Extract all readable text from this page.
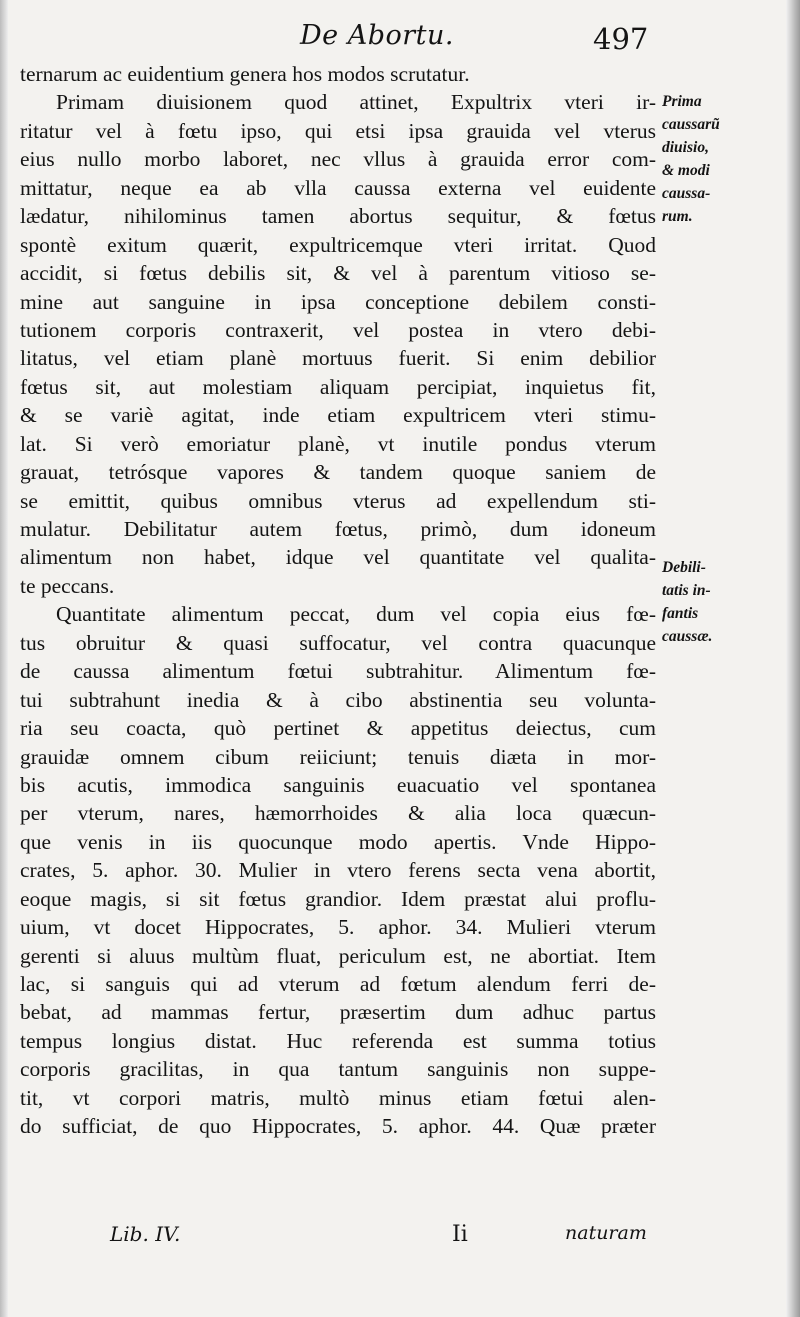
De Abortu.	497
ternarum ac euidentium genera hos modos scrutatur.
Primam diuisionem quod attinet, Expultrix vteri ir-
ritatur vel à fœtu ipso, qui etsi ipsa grauida vel vterus
eius nullo morbo laboret, nec vllus à grauida error com-
mittatur, neque ea ab vlla caussa externa vel euidente
lædatur, nihilominus tamen abortus sequitur, & fœtus
spontè exitum quærit, expultricemque vteri irritat. Quod
accidit, si fœtus debilis sit, & vel à parentum vitioso se-
mine aut sanguine in ipsa conceptione debilem consti-
tutionem corporis contraxerit, vel postea in vtero debi-
litatus, vel etiam planè mortuus fuerit. Si enim debilior
fœtus sit, aut molestiam aliquam percipiat, inquietus fit,
& se variè agitat, inde etiam expultricem vteri stimu-
lat. Si verò emoriatur planè, vt inutile pondus vterum
grauat, tetrósque vapores & tandem quoque saniem de
se emittit, quibus omnibus vterus ad expellendum sti-
mulatur. Debilitatur autem fœtus, primò, dum idoneum
alimentum non habet, idque vel quantitate vel qualita-
te peccans.
Quantitate alimentum peccat, dum vel copia eius fœ-
tus obruitur & quasi suffocatur, vel contra quacunque
de caussa alimentum fœtui subtrahitur. Alimentum fœ-
tui subtrahunt inedia & à cibo abstinentia seu volunta-
ria seu coacta, quò pertinet & appetitus deiectus, cum
grauidæ omnem cibum reiiciunt; tenuis diæta in mor-
bis acutis, immodica sanguinis euacuatio vel spontanea
per vterum, nares, hæmorrhoides & alia loca quæcun-
que venis in iis quocunque modo apertis. Vnde Hippo-
crates, 5. aphor. 30. Mulier in vtero ferens secta vena abortit,
eoque magis, si sit fœtus grandior. Idem præstat alui proflu-
uium, vt docet Hippocrates, 5. aphor. 34. Mulieri vterum
gerenti si aluus multùm fluat, periculum est, ne abortiat. Item
lac, si sanguis qui ad vterum ad fœtum alendum ferri de-
bebat, ad mammas fertur, præsertim dum adhuc partus
tempus longius distat. Huc referenda est summa totius
corporis gracilitas, in qua tantum sanguinis non suppe-
tit, vt corpori matris, multò minus etiam fœtui alen-
do sufficiat, de quo Hippocrates, 5. aphor. 44. Quæ præter
Prima
caussarũ
diuisio,
& modi
caussa-
rum.
Debili-
tatis in-
fantis
caussæ.
Lib. IV.	Ii	naturam
